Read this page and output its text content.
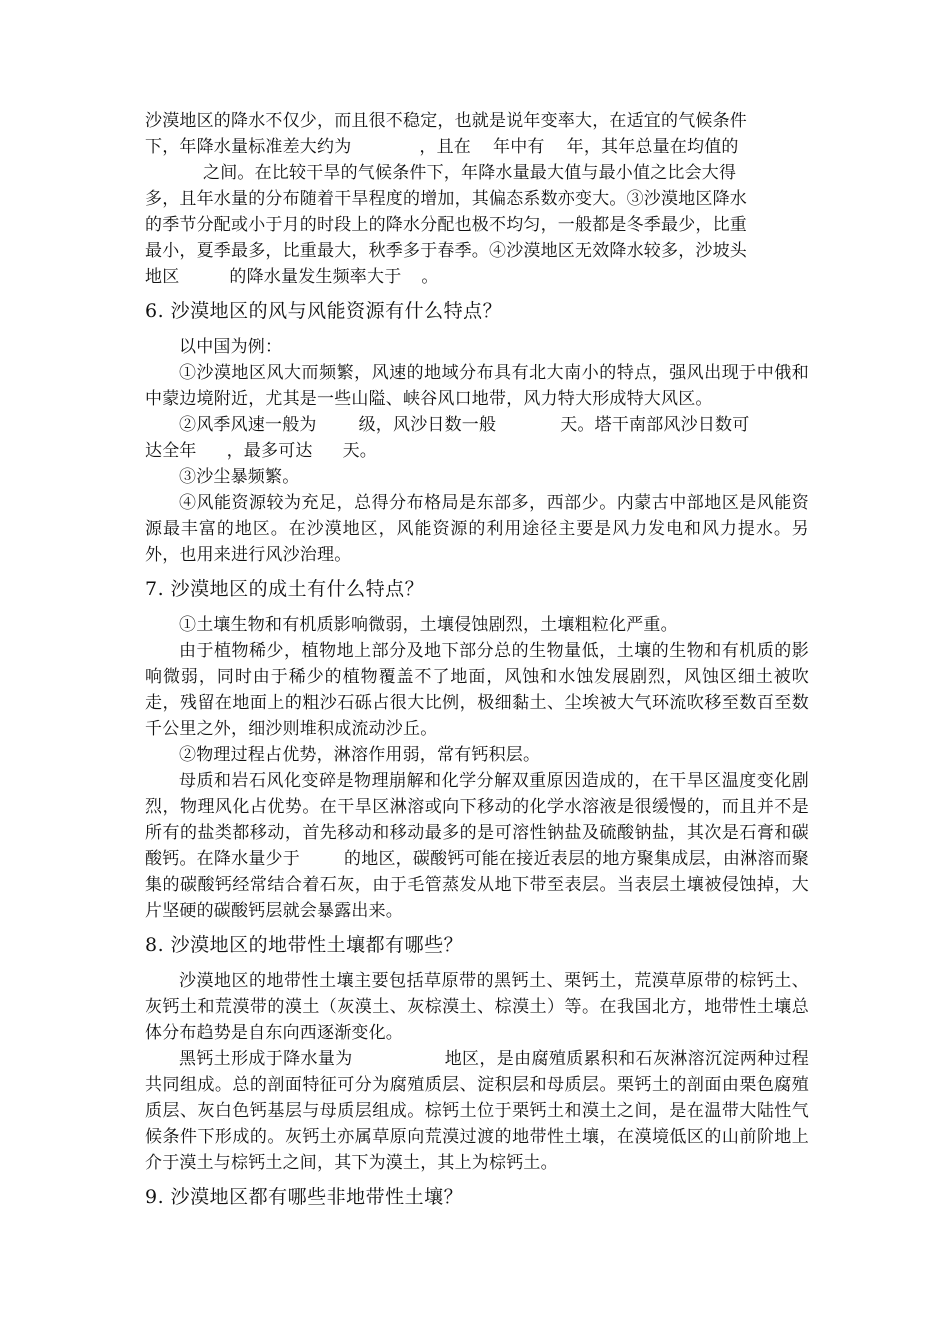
沙漠地区的降水不仅少，而且很不稳定，也就是说年变率大，在适宜的气候条件
下，年降水量标准差大约为	，且在 年中有 年，其年总量在均值的
之间。在比较干旱的气候条件下，年降水量最大值与最小值之比会大得
多，且年水量的分布随着干旱程度的增加，其偏态系数亦变大。③沙漠地区降水
的季节分配或小于月的时段上的降水分配也极不均匀，一般都是冬季最少，比重
最小，夏季最多，比重最大，秋季多于春季。④沙漠地区无效降水较多，沙坡头
地区	的降水量发生频率大于 。

6. 沙漠地区的风与风能资源有什么特点？

以中国为例：

①沙漠地区风大而频繁，风速的地域分布具有北大南小的特点，强风出现于中俄和中蒙边境附近，尤其是一些山隘、峡谷风口地带，风力特大形成特大风区。

②风季风速一般为 级，风沙日数一般	天。塔干南部风沙日数可
达全年 ，最多可达 天。

③沙尘暴频繁。

④风能资源较为充足，总得分布格局是东部多，西部少。内蒙古中部地区是风能资源最丰富的地区。在沙漠地区，风能资源的利用途径主要是风力发电和风力提水。另外，也用来进行风沙治理。

7. 沙漠地区的成土有什么特点？

①土壤生物和有机质影响微弱，土壤侵蚀剧烈，土壤粗粒化严重。

由于植物稀少，植物地上部分及地下部分总的生物量低，土壤的生物和有机质的影响微弱，同时由于稀少的植物覆盖不了地面，风蚀和水蚀发展剧烈，风蚀区细土被吹走，残留在地面上的粗沙石砾占很大比例，极细黏土、尘埃被大气环流吹移至数百至数千公里之外，细沙则堆积成流动沙丘。

②物理过程占优势，淋溶作用弱，常有钙积层。

母质和岩石风化变碎是物理崩解和化学分解双重原因造成的，在干旱区温度变化剧烈，物理风化占优势。在干旱区淋溶或向下移动的化学水溶液是很缓慢的，而且并不是所有的盐类都移动，首先移动和移动最多的是可溶性钠盐及硫酸钠盐，其次是石膏和碳酸钙。在降水量少于	的地区，碳酸钙可能在接近表层的地方聚集成层，由淋溶而聚集的碳酸钙经常结合着石灰，由于毛管蒸发从地下带至表层。当表层土壤被侵蚀掉，大片坚硬的碳酸钙层就会暴露出来。

8. 沙漠地区的地带性土壤都有哪些？

沙漠地区的地带性土壤主要包括草原带的黑钙土、栗钙土，荒漠草原带的棕钙土、灰钙土和荒漠带的漠土（灰漠土、灰棕漠土、棕漠土）等。在我国北方，地带性土壤总体分布趋势是自东向西逐渐变化。

黑钙土形成于降水量为	地区，是由腐殖质累积和石灰淋溶沉淀两种过程共同组成。总的剖面特征可分为腐殖质层、淀积层和母质层。栗钙土的剖面由栗色腐殖质层、灰白色钙基层与母质层组成。棕钙土位于栗钙土和漠土之间，是在温带大陆性气候条件下形成的。灰钙土亦属草原向荒漠过渡的地带性土壤，在漠境低区的山前阶地上介于漠土与棕钙土之间，其下为漠土，其上为棕钙土。

9. 沙漠地区都有哪些非地带性土壤？
